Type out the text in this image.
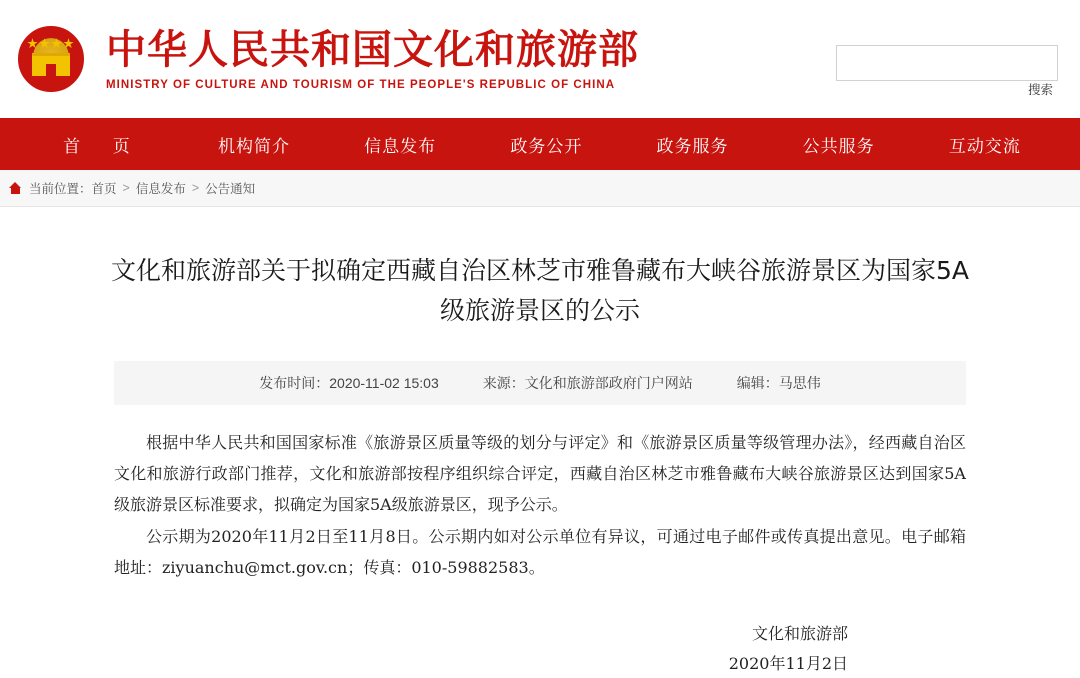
★★★★ 中华人民共和国文化和旅游部
MINISTRY OF CULTURE AND TOURISM OF THE PEOPLE'S REPUBLIC OF CHINA	搜索
首 页	机构简介	信息发布	政务公开	政务服务	公共服务	互动交流
当前位置： 首页 > 信息发布 > 公告通知
文化和旅游部关于拟确定西藏自治区林芝市雅鲁藏布大峡谷旅游景区为国家5A级旅游景区的公示
发布时间：2020-11-02 15:03	来源：文化和旅游部政府门户网站	编辑：马思伟

根据中华人民共和国国家标准《旅游景区质量等级的划分与评定》和《旅游景区质量等级管理办法》，经西藏自治区文化和旅游行政部门推荐，文化和旅游部按程序组织综合评定，西藏自治区林芝市雅鲁藏布大峡谷旅游景区达到国家5A级旅游景区标准要求，拟确定为国家5A级旅游景区，现予公示。

公示期为2020年11月2日至11月8日。公示期内如对公示单位有异议，可通过电子邮件或传真提出意见。电子邮箱地址：ziyuanchu@mct.gov.cn；传真：010-59882583。

文化和旅游部
2020年11月2日
